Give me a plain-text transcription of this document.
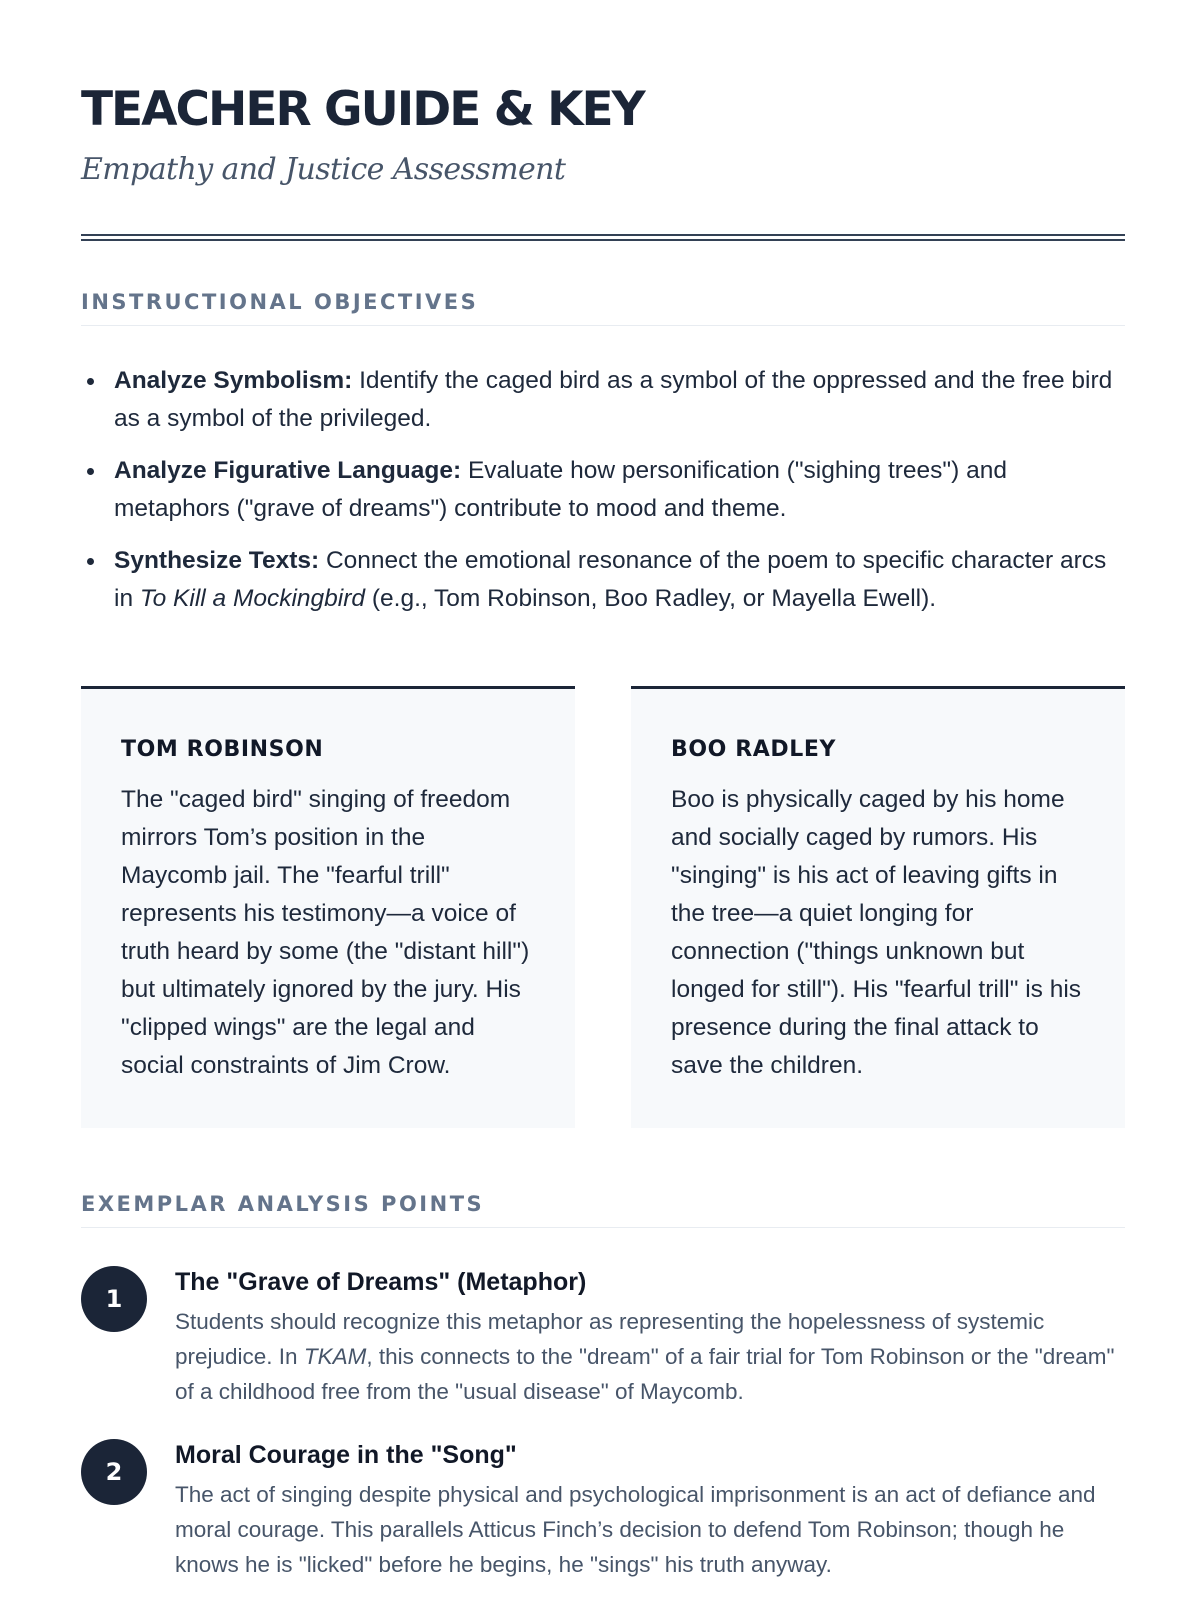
TEACHER GUIDE & KEY

Empathy and Justice Assessment

INSTRUCTIONAL OBJECTIVES
Analyze Symbolism: Identify the caged bird as a symbol of the oppressed and the free bird as a symbol of the privileged.
Analyze Figurative Language: Evaluate how personification ("sighing trees") and metaphors ("grave of dreams") contribute to mood and theme.
Synthesize Texts: Connect the emotional resonance of the poem to specific character arcs in To Kill a Mockingbird (e.g., Tom Robinson, Boo Radley, or Mayella Ewell).
TOM ROBINSON

The "caged bird" singing of freedom mirrors Tom’s position in the Maycomb jail. The "fearful trill" represents his testimony—a voice of truth heard by some (the "distant hill") but ultimately ignored by the jury. His "clipped wings" are the legal and social constraints of Jim Crow.

BOO RADLEY

Boo is physically caged by his home and socially caged by rumors. His "singing" is his act of leaving gifts in the tree—a quiet longing for connection ("things unknown but longed for still"). His "fearful trill" is his presence during the final attack to save the children.

EXEMPLAR ANALYSIS POINTS
1
The "Grave of Dreams" (Metaphor)

Students should recognize this metaphor as representing the hopelessness of systemic prejudice. In TKAM, this connects to the "dream" of a fair trial for Tom Robinson or the "dream" of a childhood free from the "usual disease" of Maycomb.

2
Moral Courage in the "Song"

The act of singing despite physical and psychological imprisonment is an act of defiance and moral courage. This parallels Atticus Finch’s decision to defend Tom Robinson; though he knows he is "licked" before he begins, he "sings" his truth anyway.
